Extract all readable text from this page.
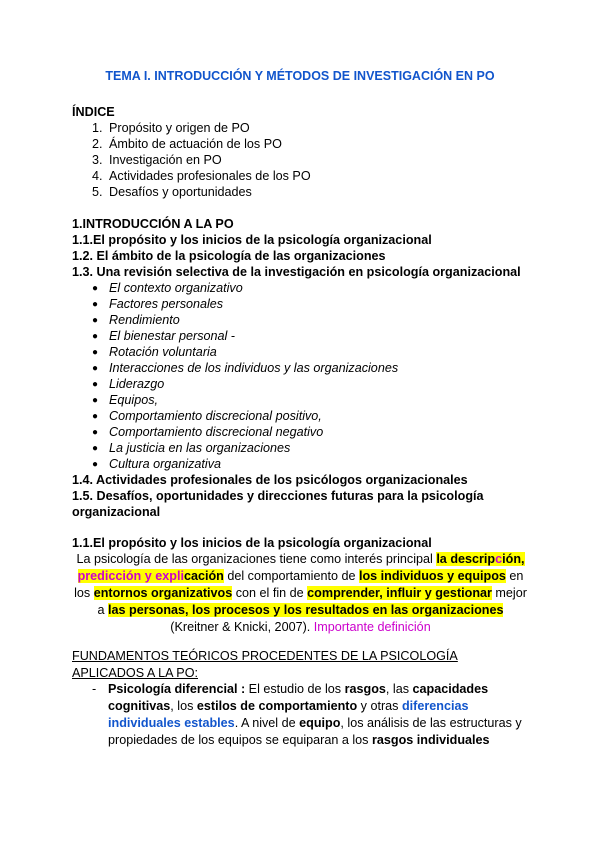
TEMA I. INTRODUCCIÓN Y MÉTODOS DE INVESTIGACIÓN EN PO
ÍNDICE
1. Propósito y origen de PO
2. Ámbito de actuación de los PO
3. Investigación en PO
4. Actividades profesionales de los PO
5. Desafíos y oportunidades
1.INTRODUCCIÓN A LA PO
1.1.El propósito y los inicios de la psicología organizacional
1.2. El ámbito de la psicología de las organizaciones
1.3. Una revisión selectiva de la investigación en psicología organizacional
● El contexto organizativo
● Factores personales
● Rendimiento
● El bienestar personal -
● Rotación voluntaria
● Interacciones de los individuos y las organizaciones
● Liderazgo
● Equipos,
● Comportamiento discrecional positivo,
● Comportamiento discrecional negativo
● La justicia en las organizaciones
● Cultura organizativa
1.4. Actividades profesionales de los psicólogos organizacionales
1.5. Desafíos, oportunidades y direcciones futuras para la psicología
organizacional
1.1.El propósito y los inicios de la psicología organizacional
La psicología de las organizaciones tiene como interés principal la descripción,
predicción y explicación del comportamiento de los individuos y equipos en los entornos organizativos con el fin de comprender, influir y gestionar mejor a las personas, los procesos y los resultados en las organizaciones (Kreitner & Knicki, 2007). Importante definición
FUNDAMENTOS TEÓRICOS PROCEDENTES DE LA PSICOLOGÍA APLICADOS A LA PO:
- Psicología diferencial : El estudio de los rasgos, las capacidades cognitivas, los estilos de comportamiento y otras diferencias individuales estables. A nivel de equipo, los análisis de las estructuras y propiedades de los equipos se equiparan a los rasgos individuales
